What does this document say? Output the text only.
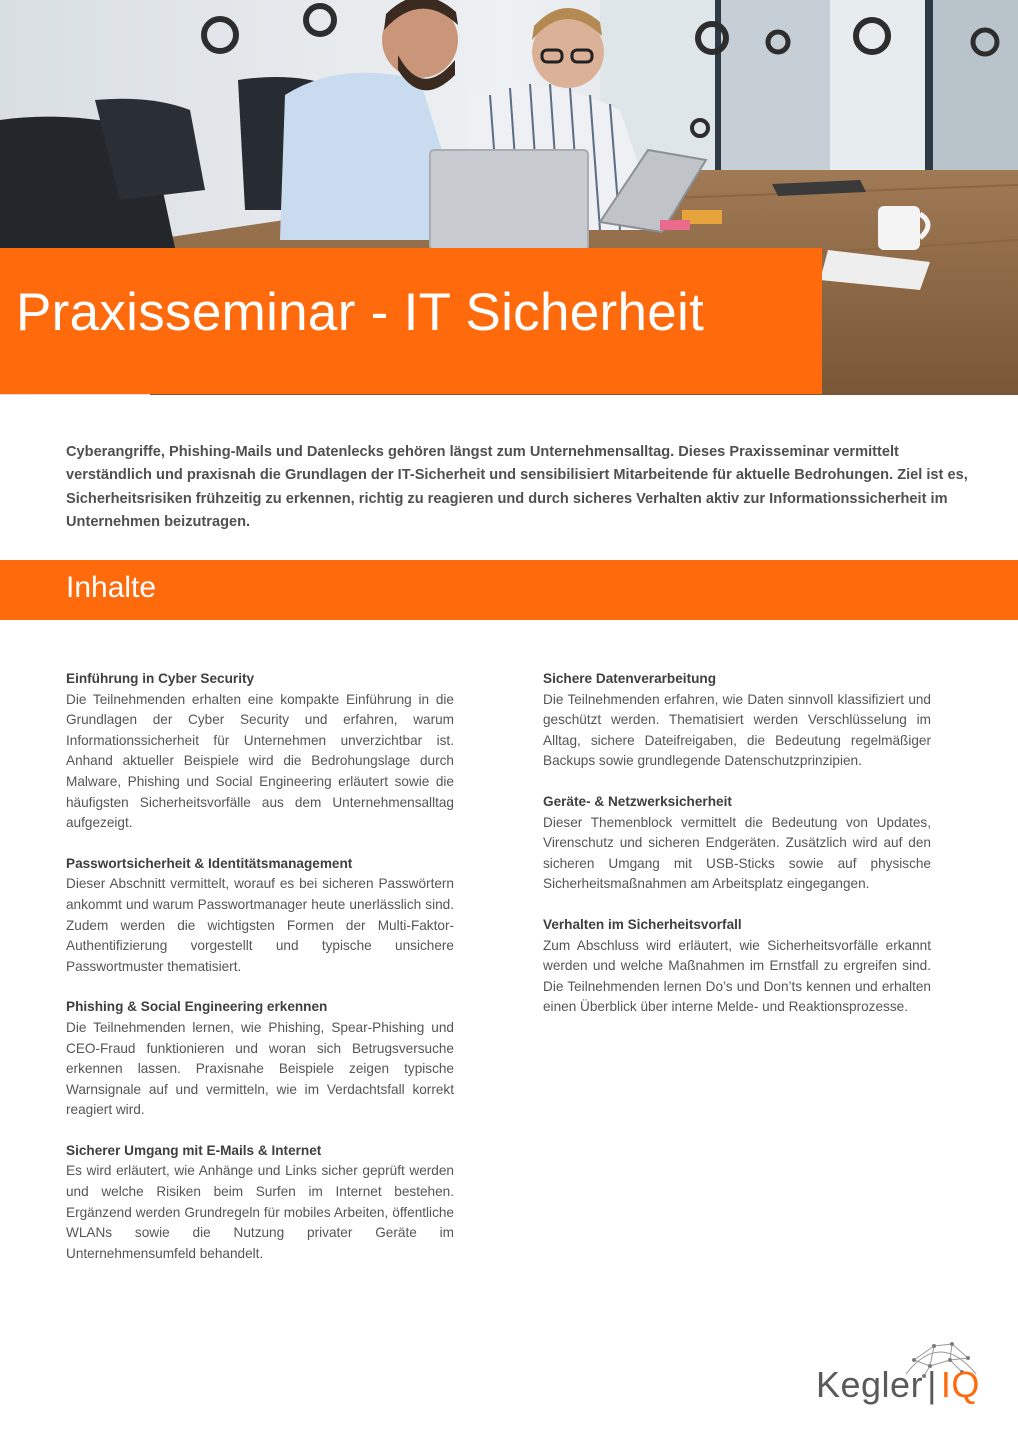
Praxisseminar - IT Sicherheit

Cyberangriffe, Phishing-Mails und Datenlecks gehören längst zum Unternehmensalltag. Dieses Praxisseminar vermittelt verständlich und praxisnah die Grundlagen der IT-Sicherheit und sensibilisiert Mitarbeitende für aktuelle Bedrohungen. Ziel ist es, Sicherheitsrisiken frühzeitig zu erkennen, richtig zu reagieren und durch sicheres Verhalten aktiv zur Informationssicherheit im Unternehmen beizutragen.

Inhalte
Einführung in Cyber Security
Die Teilnehmenden erhalten eine kompakte Einführung in die Grundlagen der Cyber Security und erfahren, warum Informationssicherheit für Unternehmen unverzichtbar ist. Anhand aktueller Beispiele wird die Bedrohungslage durch Malware, Phishing und Social Engineering erläutert sowie die häufigsten Sicherheitsvorfälle aus dem Unternehmensalltag aufgezeigt.
Passwortsicherheit & Identitätsmanagement
Dieser Abschnitt vermittelt, worauf es bei sicheren Passwörtern ankommt und warum Passwortmanager heute unerlässlich sind. Zudem werden die wichtigsten Formen der Multi-Faktor-Authentifizierung vorgestellt und typische unsichere Passwortmuster thematisiert.
Phishing & Social Engineering erkennen
Die Teilnehmenden lernen, wie Phishing, Spear-Phishing und CEO-Fraud funktionieren und woran sich Betrugsversuche erkennen lassen. Praxisnahe Beispiele zeigen typische Warnsignale auf und vermitteln, wie im Verdachtsfall korrekt reagiert wird.
Sicherer Umgang mit E-Mails & Internet
Es wird erläutert, wie Anhänge und Links sicher geprüft werden und welche Risiken beim Surfen im Internet bestehen. Ergänzend werden Grundregeln für mobiles Arbeiten, öffentliche WLANs sowie die Nutzung privater Geräte im Unternehmensumfeld behandelt.
Sichere Datenverarbeitung
Die Teilnehmenden erfahren, wie Daten sinnvoll klassifiziert und geschützt werden. Thematisiert werden Verschlüsselung im Alltag, sichere Dateifreigaben, die Bedeutung regelmäßiger Backups sowie grundlegende Datenschutzprinzipien.
Geräte- & Netzwerksicherheit
Dieser Themenblock vermittelt die Bedeutung von Updates, Virenschutz und sicheren Endgeräten. Zusätzlich wird auf den sicheren Umgang mit USB-Sticks sowie auf physische Sicherheitsmaßnahmen am Arbeitsplatz eingegangen.
Verhalten im Sicherheitsvorfall
Zum Abschluss wird erläutert, wie Sicherheitsvorfälle erkannt werden und welche Maßnahmen im Ernstfall zu ergreifen sind. Die Teilnehmenden lernen Do’s und Don’ts kennen und erhalten einen Überblick über interne Melde- und Reaktionsprozesse.
Kegler | IQ
